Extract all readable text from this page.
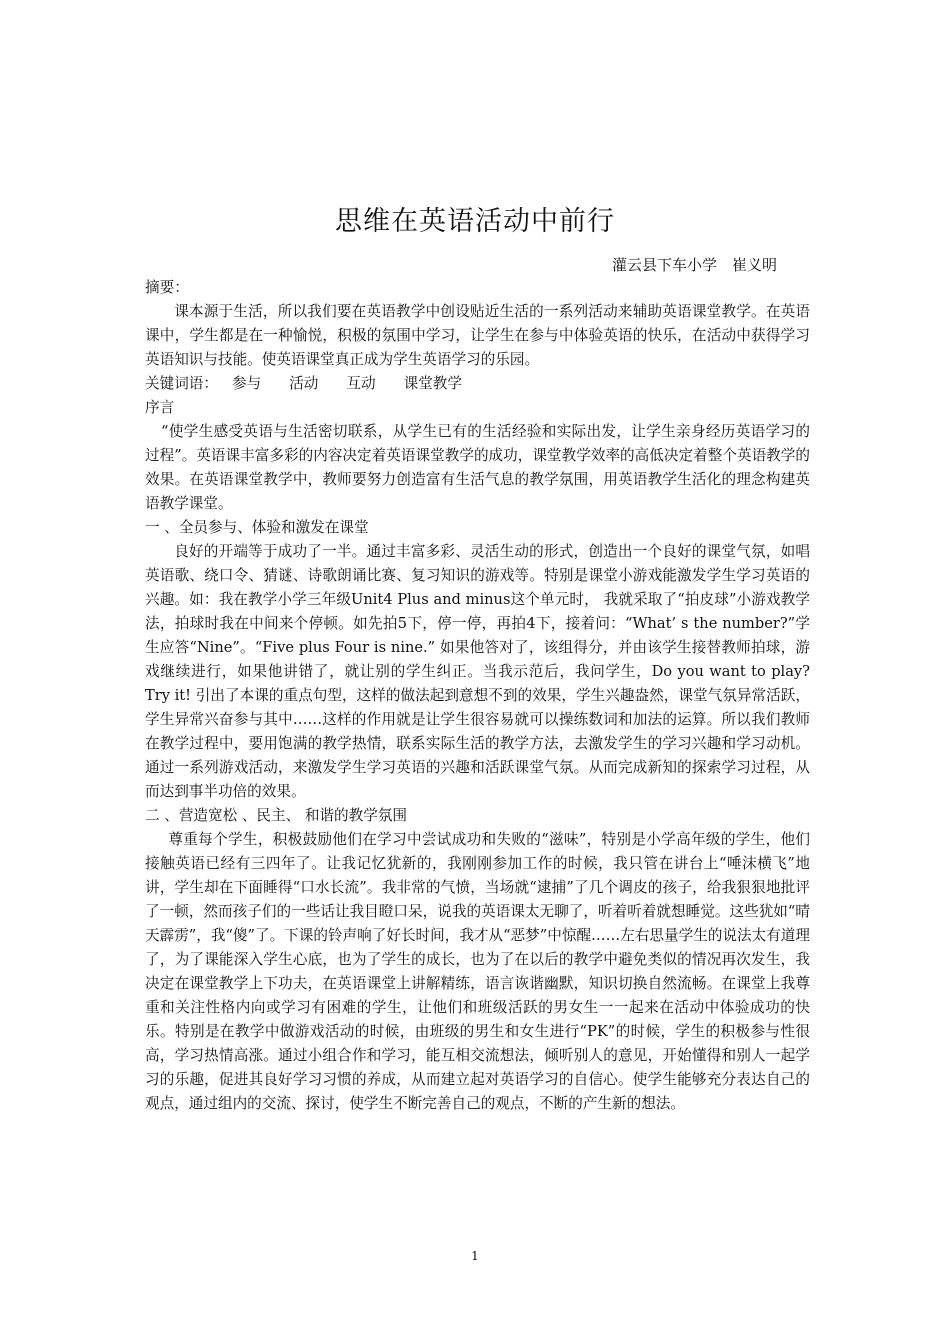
思维在英语活动中前行
灌云县下车小学　崔义明

摘要：

课本源于生活，所以我们要在英语教学中创设贴近生活的一系列活动来辅助英语课堂教学。在英语课中，学生都是在一种愉悦，积极的氛围中学习，让学生在参与中体验英语的快乐，在活动中获得学习英语知识与技能。使英语课堂真正成为学生英语学习的乐园。

关键词语： 参与 活动 互动 课堂教学

序言

“使学生感受英语与生活密切联系，从学生已有的生活经验和实际出发，让学生亲身经历英语学习的过程”。英语课丰富多彩的内容决定着英语课堂教学的成功，课堂教学效率的高低决定着整个英语教学的效果。在英语课堂教学中，教师要努力创造富有生活气息的教学氛围，用英语教学生活化的理念构建英语教学课堂。

一 、全员参与、体验和激发在课堂

良好的开端等于成功了一半。通过丰富多彩、灵活生动的形式，创造出一个良好的课堂气氛，如唱英语歌、绕口令、猜谜、诗歌朗诵比赛、复习知识的游戏等。特别是课堂小游戏能激发学生学习英语的兴趣。如：我在教学小学三年级Unit4 Plus and minus这个单元时， 我就采取了“拍皮球”小游戏教学法，拍球时我在中间来个停顿。如先拍5下，停一停，再拍4下，接着问：“What’ s the number?”学生应答“Nine”。“Five plus Four is nine.” 如果他答对了，该组得分，并由该学生接替教师拍球，游戏继续进行，如果他讲错了，就让别的学生纠正。当我示范后，我问学生，Do you want to play? Try it! 引出了本课的重点句型，这样的做法起到意想不到的效果，学生兴趣盎然，课堂气氛异常活跃，学生异常兴奋参与其中……这样的作用就是让学生很容易就可以操练数词和加法的运算。所以我们教师在教学过程中，要用饱满的教学热情，联系实际生活的教学方法，去激发学生的学习兴趣和学习动机。通过一系列游戏活动，来激发学生学习英语的兴趣和活跃课堂气氛。从而完成新知的探索学习过程，从而达到事半功倍的效果。

二 、营造宽松 、民主、 和谐的教学氛围

尊重每个学生，积极鼓励他们在学习中尝试成功和失败的“滋味”，特别是小学高年级的学生，他们接触英语已经有三四年了。让我记忆犹新的，我刚刚参加工作的时候，我只管在讲台上“唾沫横飞”地讲，学生却在下面睡得“口水长流”。我非常的气愤，当场就“逮捕”了几个调皮的孩子，给我狠狠地批评了一顿，然而孩子们的一些话让我目瞪口呆，说我的英语课太无聊了，听着听着就想睡觉。这些犹如“晴天霹雳”，我“傻”了。下课的铃声响了好长时间，我才从“恶梦”中惊醒……左右思量学生的说法太有道理了，为了课能深入学生心底，也为了学生的成长，也为了在以后的教学中避免类似的情况再次发生，我决定在课堂教学上下功夫，在英语课堂上讲解精练，语言诙谐幽默，知识切换自然流畅。在课堂上我尊重和关注性格内向或学习有困难的学生，让他们和班级活跃的男女生一一起来在活动中体验成功的快乐。特别是在教学中做游戏活动的时候，由班级的男生和女生进行“PK”的时候，学生的积极参与性很高，学习热情高涨。通过小组合作和学习，能互相交流想法，倾听别人的意见，开始懂得和别人一起学习的乐趣，促进其良好学习习惯的养成，从而建立起对英语学习的自信心。使学生能够充分表达自己的观点，通过组内的交流、探讨，使学生不断完善自己的观点，不断的产生新的想法。

1
